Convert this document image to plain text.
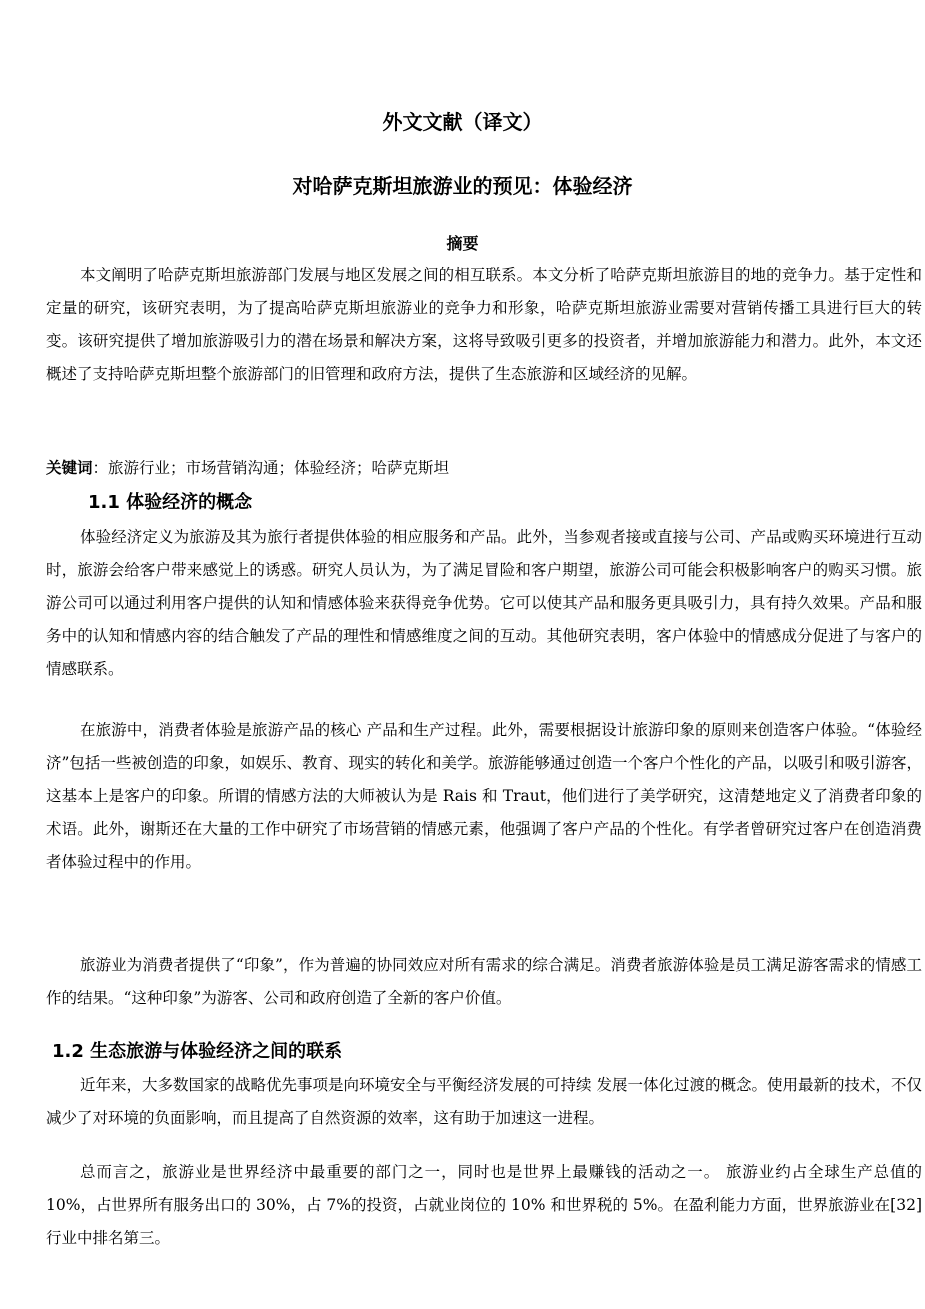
外文文献（译文）
对哈萨克斯坦旅游业的预见：体验经济
摘要

本文阐明了哈萨克斯坦旅游部门发展与地区发展之间的相互联系。本文分析了哈萨克斯坦旅游目的地的竞争力。基于定性和定量的研究，该研究表明，为了提高哈萨克斯坦旅游业的竞争力和形象，哈萨克斯坦旅游业需要对营销传播工具进行巨大的转变。该研究提供了增加旅游吸引力的潜在场景和解决方案，这将导致吸引更多的投资者，并增加旅游能力和潜力。此外，本文还概述了支持哈萨克斯坦整个旅游部门的旧管理和政府方法，提供了生态旅游和区域经济的见解。

关键词：旅游行业；市场营销沟通；体验经济；哈萨克斯坦
1.1 体验经济的概念

体验经济定义为旅游及其为旅行者提供体验的相应服务和产品。此外，当参观者接或直接与公司、产品或购买环境进行互动时，旅游会给客户带来感觉上的诱惑。研究人员认为，为了满足冒险和客户期望，旅游公司可能会积极影响客户的购买习惯。旅游公司可以通过利用客户提供的认知和情感体验来获得竞争优势。它可以使其产品和服务更具吸引力，具有持久效果。产品和服务中的认知和情感内容的结合触发了产品的理性和情感维度之间的互动。其他研究表明，客户体验中的情感成分促进了与客户的情感联系。

在旅游中，消费者体验是旅游产品的核心 产品和生产过程。此外，需要根据设计旅游印象的原则来创造客户体验。“体验经济”包括一些被创造的印象，如娱乐、教育、现实的转化和美学。旅游能够通过创造一个客户个性化的产品，以吸引和吸引游客，这基本上是客户的印象。所谓的情感方法的大师被认为是 Rais 和 Traut，他们进行了美学研究，这清楚地定义了消费者印象的术语。此外，谢斯还在大量的工作中研究了市场营销的情感元素，他强调了客户产品的个性化。有学者曾研究过客户在创造消费者体验过程中的作用。

旅游业为消费者提供了“印象”，作为普遍的协同效应对所有需求的综合满足。消费者旅游体验是员工满足游客需求的情感工作的结果。“这种印象”为游客、公司和政府创造了全新的客户价值。

1.2 生态旅游与体验经济之间的联系

近年来，大多数国家的战略优先事项是向环境安全与平衡经济发展的可持续 发展一体化过渡的概念。使用最新的技术，不仅减少了对环境的负面影响，而且提高了自然资源的效率，这有助于加速这一进程。

总而言之，旅游业是世界经济中最重要的部门之一，同时也是世界上最赚钱的活动之一。 旅游业约占全球生产总值的 10%，占世界所有服务出口的 30%，占 7%的投资，占就业岗位的 10% 和世界税的 5%。在盈利能力方面，世界旅游业在[32]行业中排名第三。
